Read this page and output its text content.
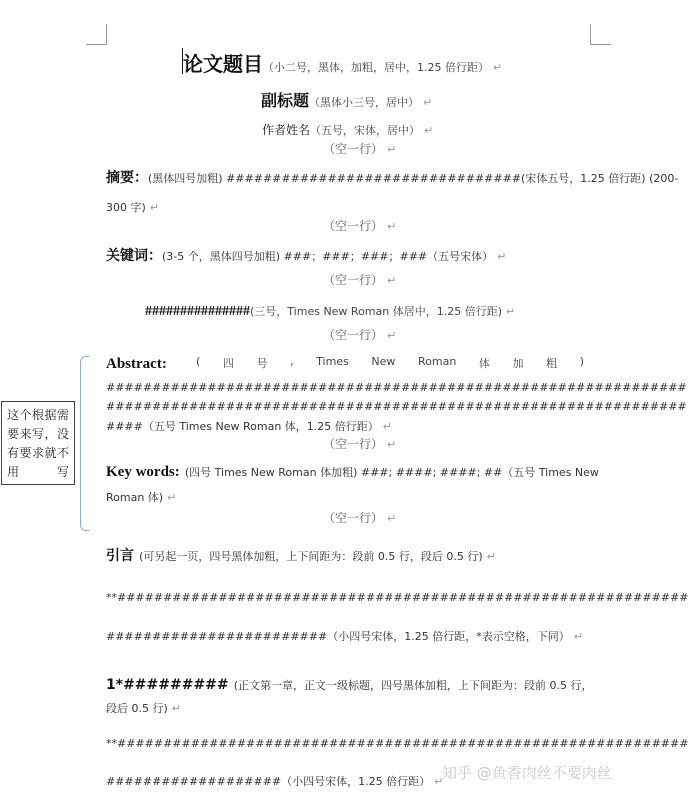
论文题目（小二号，黑体，加粗，居中，1.25 倍行距） ↵
副标题（黑体小三号，居中） ↵
作者姓名（五号，宋体，居中） ↵
（空一行） ↵
摘要：(黑体四号加粗) ################################(宋体五号，1.25 倍行距) (200-
300 字) ↵
（空一行） ↵
关键词：(3-5 个，黑体四号加粗) ###；###；###；###（五号宋体） ↵
（空一行） ↵
###############(三号，Times New Roman 体居中，1.25 倍行距) ↵
（空一行） ↵
Abstract:	( 四 号 , Times New Roman 体 加 粗 )
###############################################################
###############################################################
####（五号 Times New Roman 体，1.25 倍行距） ↵
（空一行） ↵
Key words: (四号 Times New Roman 体加粗) ###; ####; ####; ##（五号 Times New
Roman 体) ↵
（空一行） ↵
这个根据需要来写，没有要求就不用写
引言 (可另起一页，四号黑体加粗，上下间距为：段前 0.5 行，段后 0.5 行) ↵
**##############################################################
########################（小四号宋体，1.25 倍行距，*表示空格，下同） ↵
1*######### (正文第一章，正文一级标题，四号黑体加粗，上下间距为：段前 0.5 行，
段后 0.5 行) ↵
**##############################################################
###################（小四号宋体，1.25 倍行距） ↵
知乎 @鱼香肉丝不要肉丝
